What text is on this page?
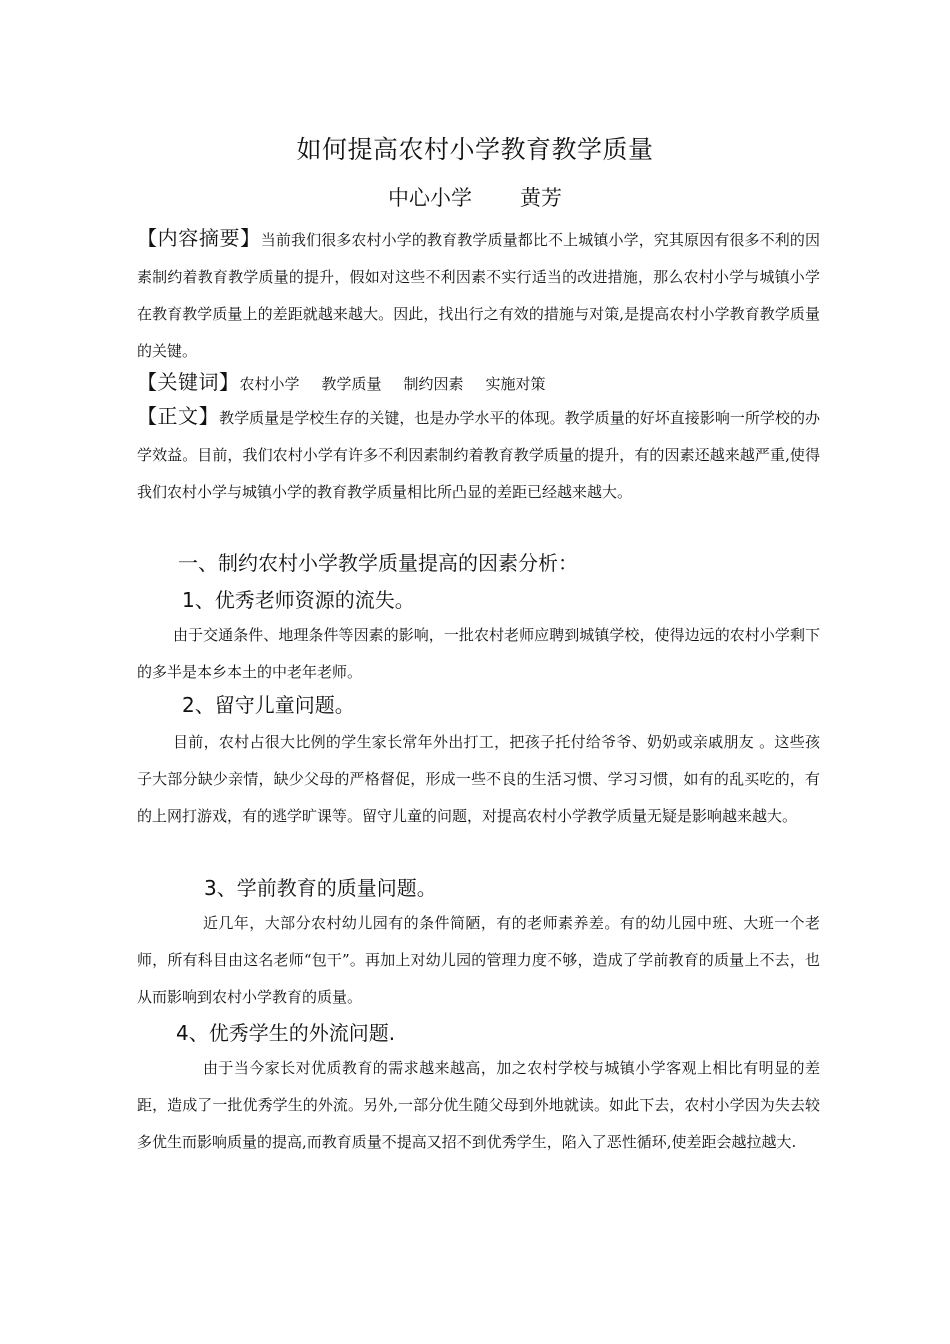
如何提高农村小学教育教学质量
中心小学 黄芳
【内容摘要】当前我们很多农村小学的教育教学质量都比不上城镇小学，究其原因有很多不利的因素制约着教育教学质量的提升，假如对这些不利因素不实行适当的改进措施，那么农村小学与城镇小学在教育教学质量上的差距就越来越大。因此，找出行之有效的措施与对策,是提高农村小学教育教学质量的关键。
【关键词】农村小学 教学质量 制约因素 实施对策
【正文】教学质量是学校生存的关键，也是办学水平的体现。教学质量的好坏直接影响一所学校的办学效益。目前，我们农村小学有许多不利因素制约着教育教学质量的提升，有的因素还越来越严重,使得我们农村小学与城镇小学的教育教学质量相比所凸显的差距已经越来越大。
一、制约农村小学教学质量提高的因素分析：
1、优秀老师资源的流失。
由于交通条件、地理条件等因素的影响，一批农村老师应聘到城镇学校，使得边远的农村小学剩下的多半是本乡本土的中老年老师。
2、留守儿童问题。
目前，农村占很大比例的学生家长常年外出打工，把孩子托付给爷爷、奶奶或亲戚朋友 。这些孩子大部分缺少亲情，缺少父母的严格督促，形成一些不良的生活习惯、学习习惯，如有的乱买吃的，有的上网打游戏，有的逃学旷课等。留守儿童的问题，对提高农村小学教学质量无疑是影响越来越大。
3、学前教育的质量问题。
近几年，大部分农村幼儿园有的条件简陋，有的老师素养差。有的幼儿园中班、大班一个老师，所有科目由这名老师“包干”。再加上对幼儿园的管理力度不够，造成了学前教育的质量上不去，也从而影响到农村小学教育的质量。
4、优秀学生的外流问题.
由于当今家长对优质教育的需求越来越高，加之农村学校与城镇小学客观上相比有明显的差距，造成了一批优秀学生的外流。另外,一部分优生随父母到外地就读。如此下去，农村小学因为失去较多优生而影响质量的提高,而教育质量不提高又招不到优秀学生，陷入了恶性循环,使差距会越拉越大.
